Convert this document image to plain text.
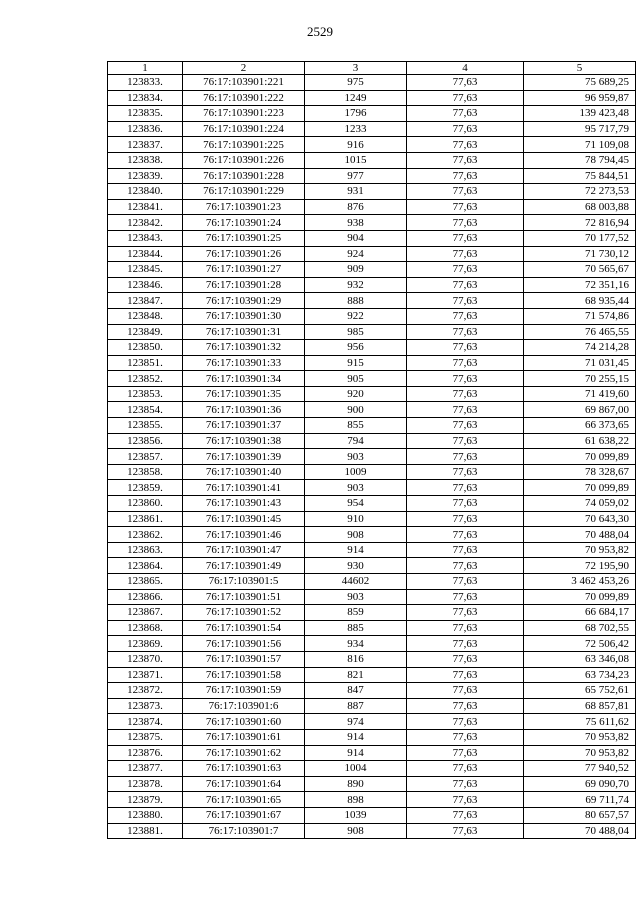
2529
1	2	3	4	5
123833.	76:17:103901:221	975	77,63	75 689,25
123834.	76:17:103901:222	1249	77,63	96 959,87
123835.	76:17:103901:223	1796	77,63	139 423,48
123836.	76:17:103901:224	1233	77,63	95 717,79
123837.	76:17:103901:225	916	77,63	71 109,08
123838.	76:17:103901:226	1015	77,63	78 794,45
123839.	76:17:103901:228	977	77,63	75 844,51
123840.	76:17:103901:229	931	77,63	72 273,53
123841.	76:17:103901:23	876	77,63	68 003,88
123842.	76:17:103901:24	938	77,63	72 816,94
123843.	76:17:103901:25	904	77,63	70 177,52
123844.	76:17:103901:26	924	77,63	71 730,12
123845.	76:17:103901:27	909	77,63	70 565,67
123846.	76:17:103901:28	932	77,63	72 351,16
123847.	76:17:103901:29	888	77,63	68 935,44
123848.	76:17:103901:30	922	77,63	71 574,86
123849.	76:17:103901:31	985	77,63	76 465,55
123850.	76:17:103901:32	956	77,63	74 214,28
123851.	76:17:103901:33	915	77,63	71 031,45
123852.	76:17:103901:34	905	77,63	70 255,15
123853.	76:17:103901:35	920	77,63	71 419,60
123854.	76:17:103901:36	900	77,63	69 867,00
123855.	76:17:103901:37	855	77,63	66 373,65
123856.	76:17:103901:38	794	77,63	61 638,22
123857.	76:17:103901:39	903	77,63	70 099,89
123858.	76:17:103901:40	1009	77,63	78 328,67
123859.	76:17:103901:41	903	77,63	70 099,89
123860.	76:17:103901:43	954	77,63	74 059,02
123861.	76:17:103901:45	910	77,63	70 643,30
123862.	76:17:103901:46	908	77,63	70 488,04
123863.	76:17:103901:47	914	77,63	70 953,82
123864.	76:17:103901:49	930	77,63	72 195,90
123865.	76:17:103901:5	44602	77,63	3 462 453,26
123866.	76:17:103901:51	903	77,63	70 099,89
123867.	76:17:103901:52	859	77,63	66 684,17
123868.	76:17:103901:54	885	77,63	68 702,55
123869.	76:17:103901:56	934	77,63	72 506,42
123870.	76:17:103901:57	816	77,63	63 346,08
123871.	76:17:103901:58	821	77,63	63 734,23
123872.	76:17:103901:59	847	77,63	65 752,61
123873.	76:17:103901:6	887	77,63	68 857,81
123874.	76:17:103901:60	974	77,63	75 611,62
123875.	76:17:103901:61	914	77,63	70 953,82
123876.	76:17:103901:62	914	77,63	70 953,82
123877.	76:17:103901:63	1004	77,63	77 940,52
123878.	76:17:103901:64	890	77,63	69 090,70
123879.	76:17:103901:65	898	77,63	69 711,74
123880.	76:17:103901:67	1039	77,63	80 657,57
123881.	76:17:103901:7	908	77,63	70 488,04
